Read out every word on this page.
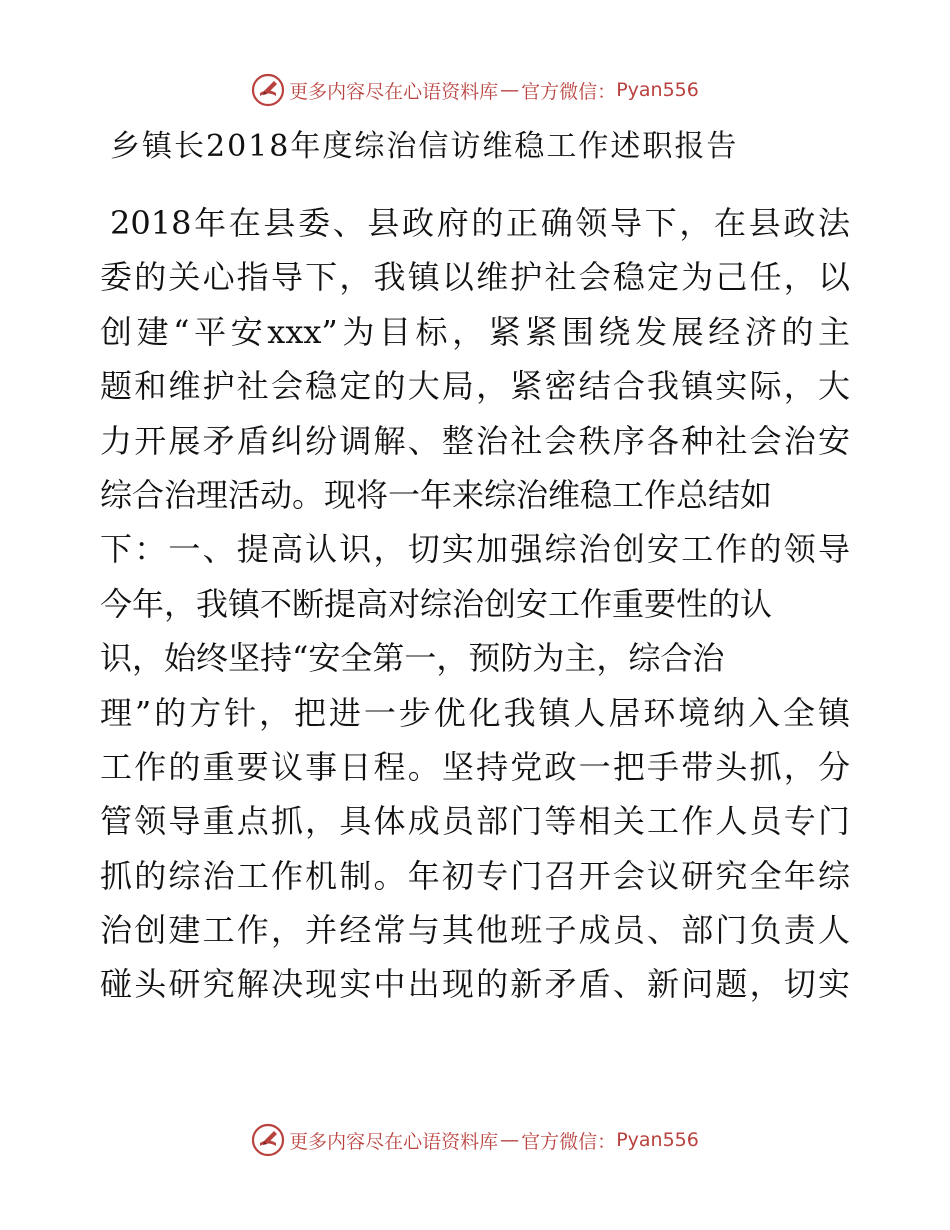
更多内容尽在心语资料库 — 官方微信： Pyan556
乡镇长2018年度综治信访维稳工作述职报告
2018年在县委、县政府的正确领导下，在县政法
委的关心指导下，我镇以维护社会稳定为己任，以
创建“平安xxx”为目标，紧紧围绕发展经济的主
题和维护社会稳定的大局，紧密结合我镇实际，大
力开展矛盾纠纷调解、整治社会秩序各种社会治安
综合治理活动。现将一年来综治维稳工作总结如
下：一、提高认识，切实加强综治创安工作的领导
今年，我镇不断提高对综治创安工作重要性的认
识，始终坚持“安全第一，预防为主，综合治
理”的方针，把进一步优化我镇人居环境纳入全镇
工作的重要议事日程。坚持党政一把手带头抓，分
管领导重点抓，具体成员部门等相关工作人员专门
抓的综治工作机制。年初专门召开会议研究全年综
治创建工作，并经常与其他班子成员、部门负责人
碰头研究解决现实中出现的新矛盾、新问题，切实
更多内容尽在心语资料库 — 官方微信： Pyan556
